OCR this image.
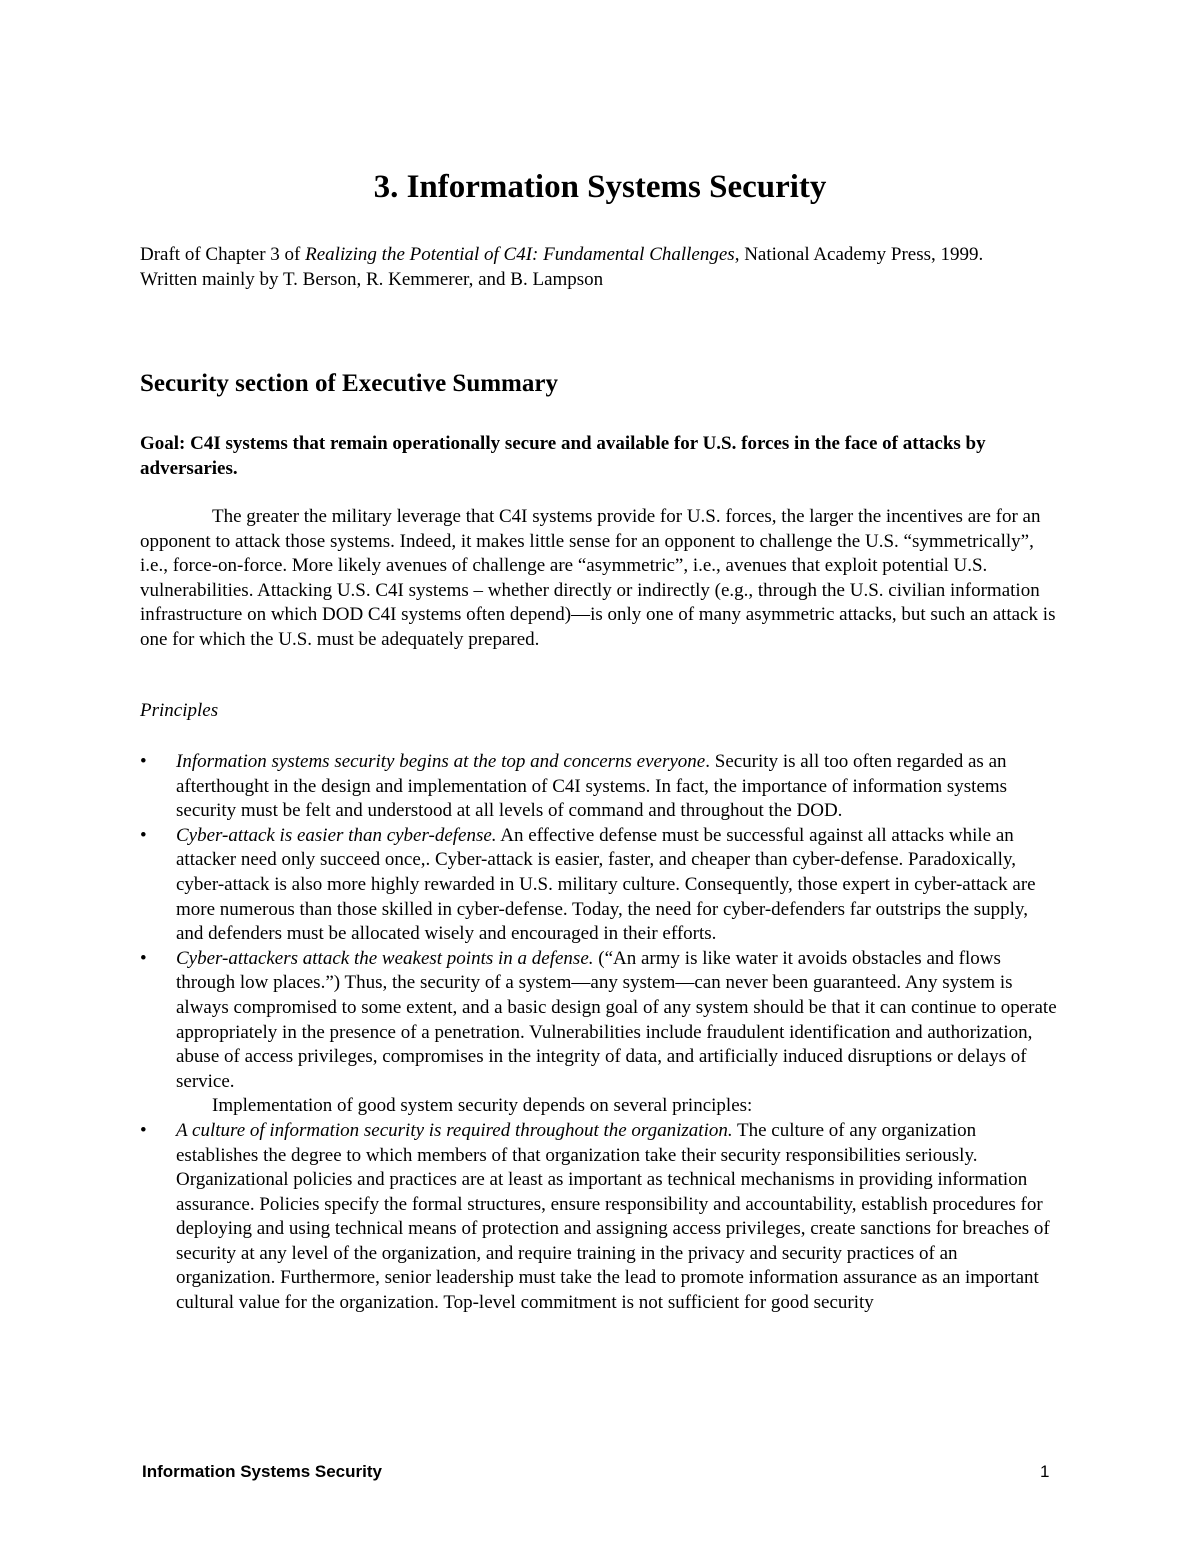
3. Information Systems Security
Draft of Chapter 3 of Realizing the Potential of C4I: Fundamental Challenges, National Academy Press, 1999.
Written mainly by T. Berson, R. Kemmerer, and B. Lampson
Security section of Executive Summary
Goal: C4I systems that remain operationally secure and available for U.S. forces in the face of attacks by adversaries.
The greater the military leverage that C4I systems provide for U.S. forces, the larger the incentives are for an opponent to attack those systems. Indeed, it makes little sense for an opponent to challenge the U.S. “symmetrically”, i.e., force-on-force. More likely avenues of challenge are “asymmetric”, i.e., avenues that exploit potential U.S. vulnerabilities. Attacking U.S. C4I systems – whether directly or indirectly (e.g., through the U.S. civilian information infrastructure on which DOD C4I systems often depend)—is only one of many asymmetric attacks, but such an attack is one for which the U.S. must be adequately prepared.
Principles
• Information systems security begins at the top and concerns everyone. Security is all too often regarded as an afterthought in the design and implementation of C4I systems. In fact, the importance of information systems security must be felt and understood at all levels of command and throughout the DOD.
• Cyber-attack is easier than cyber-defense. An effective defense must be successful against all attacks while an attacker need only succeed once,. Cyber-attack is easier, faster, and cheaper than cyber-defense. Paradoxically, cyber-attack is also more highly rewarded in U.S. military culture. Consequently, those expert in cyber-attack are more numerous than those skilled in cyber-defense. Today, the need for cyber-defenders far outstrips the supply, and defenders must be allocated wisely and encouraged in their efforts.
• Cyber-attackers attack the weakest points in a defense. (“An army is like water it avoids obstacles and flows through low places.”) Thus, the security of a system—any system—can never been guaranteed. Any system is always compromised to some extent, and a basic design goal of any system should be that it can continue to operate appropriately in the presence of a penetration. Vulnerabilities include fraudulent identification and authorization, abuse of access privileges, compromises in the integrity of data, and artificially induced disruptions or delays of service.
Implementation of good system security depends on several principles:
• A culture of information security is required throughout the organization. The culture of any organization establishes the degree to which members of that organization take their security responsibilities seriously. Organizational policies and practices are at least as important as technical mechanisms in providing information assurance. Policies specify the formal structures, ensure responsibility and accountability, establish procedures for deploying and using technical means of protection and assigning access privileges, create sanctions for breaches of security at any level of the organization, and require training in the privacy and security practices of an organization. Furthermore, senior leadership must take the lead to promote information assurance as an important cultural value for the organization. Top-level commitment is not sufficient for good security
Information Systems Security	1
